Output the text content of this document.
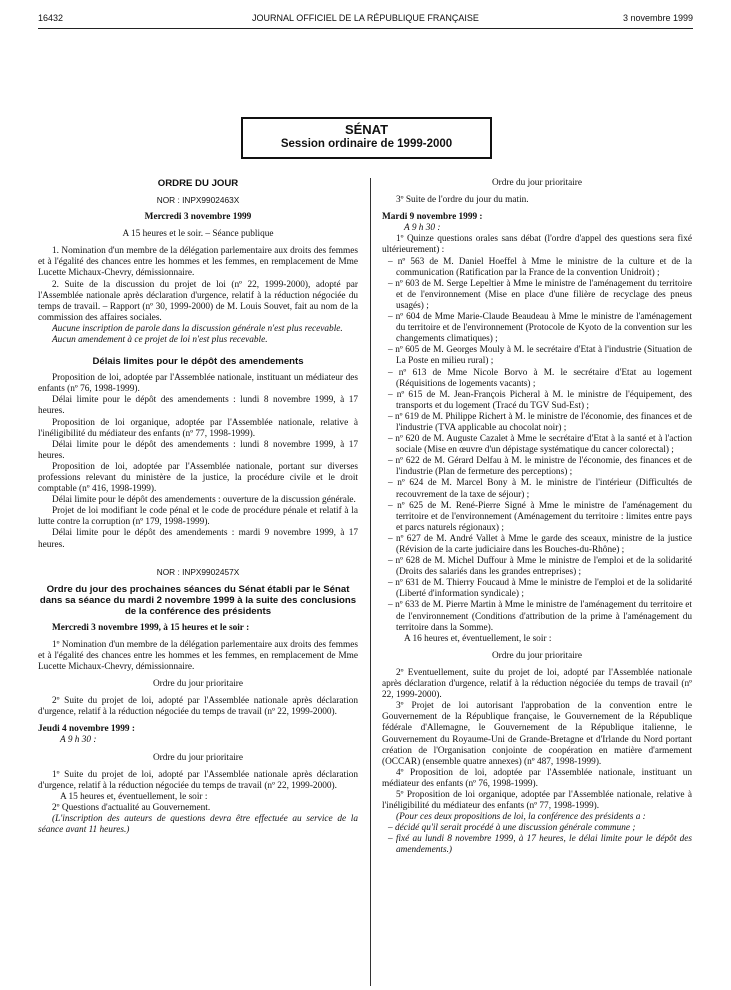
16432	JOURNAL OFFICIEL DE LA RÉPUBLIQUE FRANÇAISE	3 novembre 1999
SÉNAT
Session ordinaire de 1999-2000

ORDRE DU JOUR

NOR : INPX9902463X

Mercredi 3 novembre 1999

A 15 heures et le soir. – Séance publique

1. Nomination d'un membre de la délégation parlementaire aux droits des femmes et à l'égalité des chances entre les hommes et les femmes, en remplacement de Mme Lucette Michaux-Chevry, démissionnaire.

2. Suite de la discussion du projet de loi (nº 22, 1999-2000), adopté par l'Assemblée nationale après déclaration d'urgence, relatif à la réduction négociée du temps de travail. – Rapport (nº 30, 1999-2000) de M. Louis Souvet, fait au nom de la commission des affaires sociales.

Aucune inscription de parole dans la discussion générale n'est plus recevable.

Aucun amendement à ce projet de loi n'est plus recevable.

Délais limites pour le dépôt des amendements

Proposition de loi, adoptée par l'Assemblée nationale, instituant un médiateur des enfants (nº 76, 1998-1999).

Délai limite pour le dépôt des amendements : lundi 8 novembre 1999, à 17 heures.

Proposition de loi organique, adoptée par l'Assemblée nationale, relative à l'inéligibilité du médiateur des enfants (nº 77, 1998-1999).

Délai limite pour le dépôt des amendements : lundi 8 novembre 1999, à 17 heures.

Proposition de loi, adoptée par l'Assemblée nationale, portant sur diverses professions relevant du ministère de la justice, la procédure civile et le droit comptable (nº 416, 1998-1999).

Délai limite pour le dépôt des amendements : ouverture de la discussion générale.

Projet de loi modifiant le code pénal et le code de procédure pénale et relatif à la lutte contre la corruption (nº 179, 1998-1999).

Délai limite pour le dépôt des amendements : mardi 9 novembre 1999, à 17 heures.

NOR : INPX9902457X

Ordre du jour des prochaines séances du Sénat établi par le Sénat dans sa séance du mardi 2 novembre 1999 à la suite des conclusions de la conférence des présidents

Mercredi 3 novembre 1999, à 15 heures et le soir :

1º Nomination d'un membre de la délégation parlementaire aux droits des femmes et à l'égalité des chances entre les hommes et les femmes, en remplacement de Mme Lucette Michaux-Chevry, démissionnaire.

Ordre du jour prioritaire

2º Suite du projet de loi, adopté par l'Assemblée nationale après déclaration d'urgence, relatif à la réduction négociée du temps de travail (nº 22, 1999-2000).

Jeudi 4 novembre 1999 :

A 9 h 30 :

Ordre du jour prioritaire

1º Suite du projet de loi, adopté par l'Assemblée nationale après déclaration d'urgence, relatif à la réduction négociée du temps de travail (nº 22, 1999-2000).

A 15 heures et, éventuellement, le soir :

2º Questions d'actualité au Gouvernement.

(L'inscription des auteurs de questions devra être effectuée au service de la séance avant 11 heures.)

Ordre du jour prioritaire

3º Suite de l'ordre du jour du matin.

Mardi 9 novembre 1999 :

A 9 h 30 :

1º Quinze questions orales sans débat (l'ordre d'appel des questions sera fixé ultérieurement) :

– nº 563 de M. Daniel Hoeffel à Mme le ministre de la culture et de la communication (Ratification par la France de la convention Unidroit) ;

– nº 603 de M. Serge Lepeltier à Mme le ministre de l'aménagement du territoire et de l'environnement (Mise en place d'une filière de recyclage des pneus usagés) ;

– nº 604 de Mme Marie-Claude Beaudeau à Mme le ministre de l'aménagement du territoire et de l'environnement (Protocole de Kyoto de la convention sur les changements climatiques) ;

– nº 605 de M. Georges Mouly à M. le secrétaire d'Etat à l'industrie (Situation de La Poste en milieu rural) ;

– nº 613 de Mme Nicole Borvo à M. le secrétaire d'Etat au logement (Réquisitions de logements vacants) ;

– nº 615 de M. Jean-François Picheral à M. le ministre de l'équipement, des transports et du logement (Tracé du TGV Sud-Est) ;

– nº 619 de M. Philippe Richert à M. le ministre de l'économie, des finances et de l'industrie (TVA applicable au chocolat noir) ;

– nº 620 de M. Auguste Cazalet à Mme le secrétaire d'Etat à la santé et à l'action sociale (Mise en œuvre d'un dépistage systématique du cancer colorectal) ;

– nº 622 de M. Gérard Delfau à M. le ministre de l'économie, des finances et de l'industrie (Plan de fermeture des perceptions) ;

– nº 624 de M. Marcel Bony à M. le ministre de l'intérieur (Difficultés de recouvrement de la taxe de séjour) ;

– nº 625 de M. René-Pierre Signé à Mme le ministre de l'aménagement du territoire et de l'environnement (Aménagement du territoire : limites entre pays et parcs naturels régionaux) ;

– nº 627 de M. André Vallet à Mme le garde des sceaux, ministre de la justice (Révision de la carte judiciaire dans les Bouches-du-Rhône) ;

– nº 628 de M. Michel Duffour à Mme le ministre de l'emploi et de la solidarité (Droits des salariés dans les grandes entreprises) ;

– nº 631 de M. Thierry Foucaud à Mme le ministre de l'emploi et de la solidarité (Liberté d'information syndicale) ;

– nº 633 de M. Pierre Martin à Mme le ministre de l'aménagement du territoire et de l'environnement (Conditions d'attribution de la prime à l'aménagement du territoire dans la Somme).

A 16 heures et, éventuellement, le soir :

Ordre du jour prioritaire

2º Eventuellement, suite du projet de loi, adopté par l'Assemblée nationale après déclaration d'urgence, relatif à la réduction négociée du temps de travail (nº 22, 1999-2000).

3º Projet de loi autorisant l'approbation de la convention entre le Gouvernement de la République française, le Gouvernement de la République fédérale d'Allemagne, le Gouvernement de la République italienne, le Gouvernement du Royaume-Uni de Grande-Bretagne et d'Irlande du Nord portant création de l'Organisation conjointe de coopération en matière d'armement (OCCAR) (ensemble quatre annexes) (nº 487, 1998-1999).

4º Proposition de loi, adoptée par l'Assemblée nationale, instituant un médiateur des enfants (nº 76, 1998-1999).

5º Proposition de loi organique, adoptée par l'Assemblée nationale, relative à l'inéligibilité du médiateur des enfants (nº 77, 1998-1999).

(Pour ces deux propositions de loi, la conférence des présidents a :

– décidé qu'il serait procédé à une discussion générale commune ;

– fixé au lundi 8 novembre 1999, à 17 heures, le délai limite pour le dépôt des amendements.)
